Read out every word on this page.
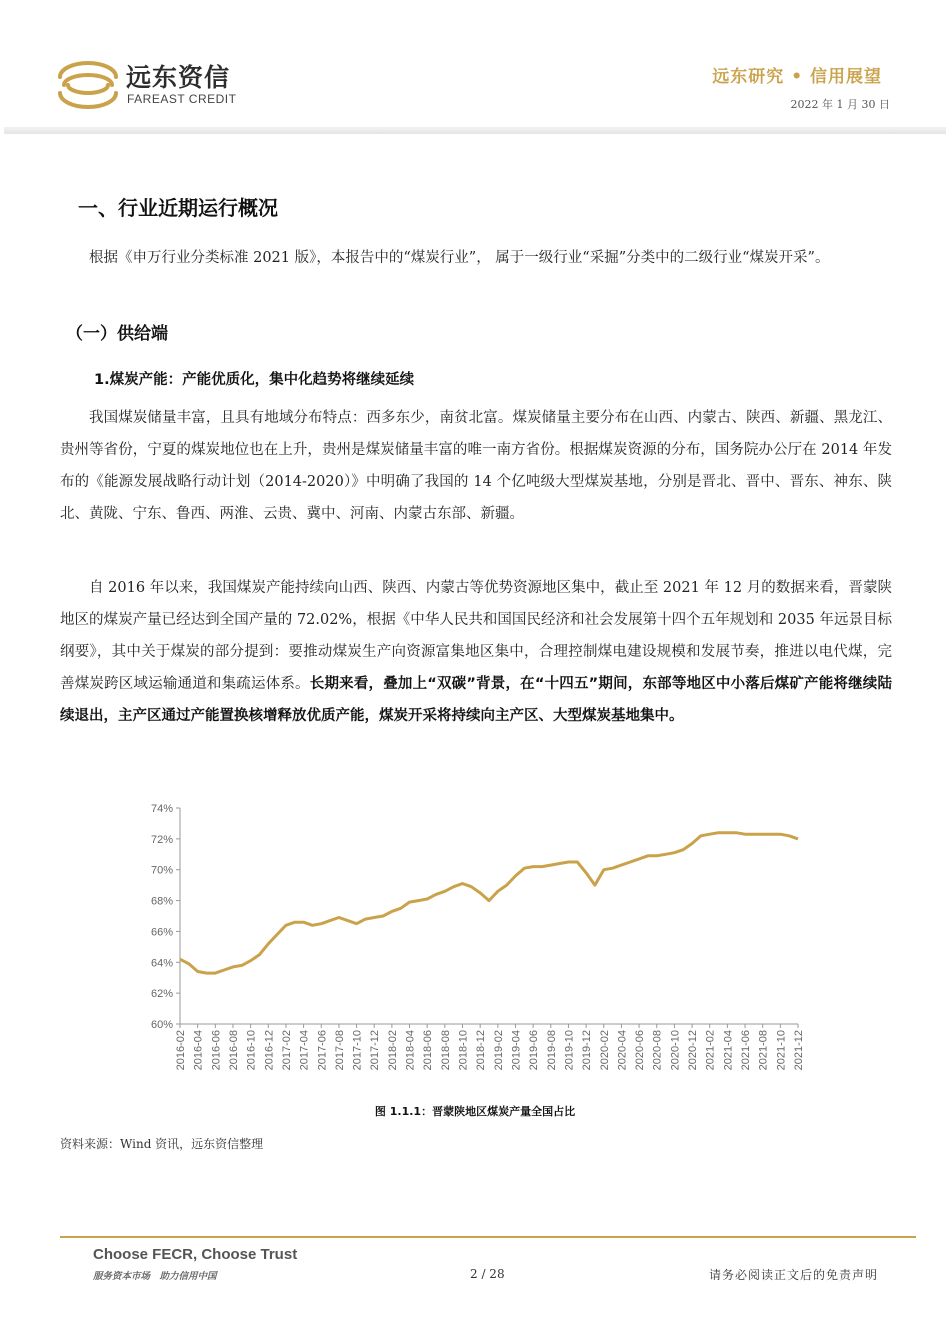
远东资信
FAREAST CREDIT
远东研究 • 信用展望
2022 年 1 月 30 日
一、行业近期运行概况

根据《申万行业分类标准 2021 版》，本报告中的“煤炭行业”， 属于一级行业“采掘”分类中的二级行业“煤炭开采”。

（一）供给端
1.煤炭产能：产能优质化，集中化趋势将继续延续

我国煤炭储量丰富，且具有地域分布特点：西多东少，南贫北富。煤炭储量主要分布在山西、内蒙古、陕西、新疆、黑龙江、贵州等省份，宁夏的煤炭地位也在上升，贵州是煤炭储量丰富的唯一南方省份。根据煤炭资源的分布，国务院办公厅在 2014 年发布的《能源发展战略行动计划（2014-2020）》中明确了我国的 14 个亿吨级大型煤炭基地，分别是晋北、晋中、晋东、神东、陕北、黄陇、宁东、鲁西、两淮、云贵、冀中、河南、内蒙古东部、新疆。

自 2016 年以来，我国煤炭产能持续向山西、陕西、内蒙古等优势资源地区集中，截止至 2021 年 12 月的数据来看，晋蒙陕地区的煤炭产量已经达到全国产量的 72.02%，根据《中华人民共和国国民经济和社会发展第十四个五年规划和 2035 年远景目标纲要》，其中关于煤炭的部分提到：要推动煤炭生产向资源富集地区集中，合理控制煤电建设规模和发展节奏，推进以电代煤，完善煤炭跨区域运输通道和集疏运体系。长期来看，叠加上“双碳”背景，在“十四五”期间，东部等地区中小落后煤矿产能将继续陆续退出，主产区通过产能置换核增释放优质产能，煤炭开采将持续向主产区、大型煤炭基地集中。

60%
62%
64%
66%
68%
70%
72%
74%
2016-02 2016-04 2016-06 2016-08 2016-10 2016-12 2017-02 2017-04 2017-06 2017-08 2017-10 2017-12 2018-02 2018-04 2018-06 2018-08 2018-10 2018-12 2019-02 2019-04 2019-06 2019-08 2019-10 2019-12 2020-02 2020-04 2020-06 2020-08 2020-10 2020-12 2021-02 2021-04 2021-06 2021-08 2021-10 2021-12
图 1.1.1：晋蒙陕地区煤炭产量全国占比
资料来源：Wind 资讯，远东资信整理
Choose FECR, Choose Trust
服务资本市场　助力信用中国	2 / 28	请务必阅读正文后的免责声明
